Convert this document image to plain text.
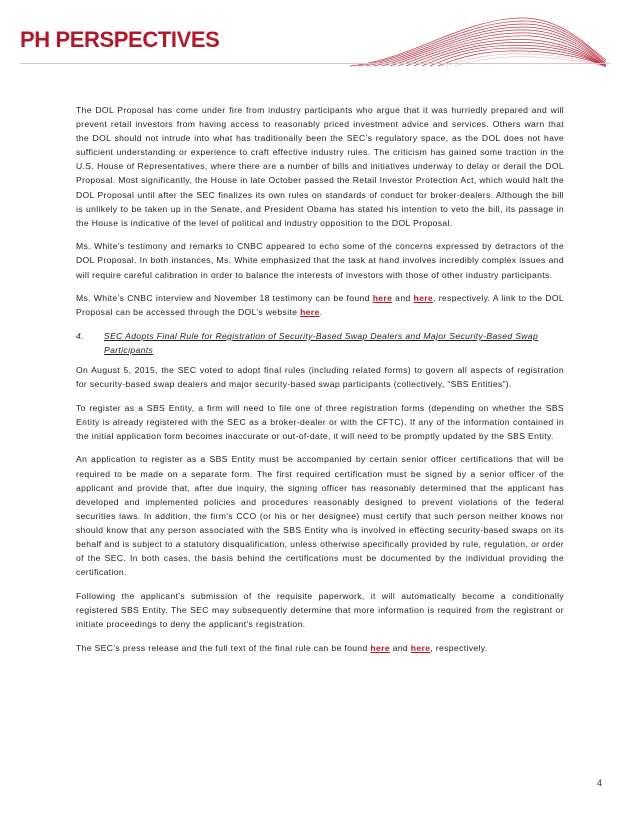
PH PERSPECTIVES

The DOL Proposal has come under fire from industry participants who argue that it was hurriedly prepared and will prevent retail investors from having access to reasonably priced investment advice and services. Others warn that the DOL should not intrude into what has traditionally been the SEC’s regulatory space, as the DOL does not have sufficient understanding or experience to craft effective industry rules. The criticism has gained some traction in the U.S. House of Representatives, where there are a number of bills and initiatives underway to delay or derail the DOL Proposal. Most significantly, the House in late October passed the Retail Investor Protection Act, which would halt the DOL Proposal until after the SEC finalizes its own rules on standards of conduct for broker-dealers. Although the bill is unlikely to be taken up in the Senate, and President Obama has stated his intention to veto the bill, its passage in the House is indicative of the level of political and industry opposition to the DOL Proposal.

Ms. White’s testimony and remarks to CNBC appeared to echo some of the concerns expressed by detractors of the DOL Proposal. In both instances, Ms. White emphasized that the task at hand involves incredibly complex issues and will require careful calibration in order to balance the interests of investors with those of other industry participants.

Ms. White’s CNBC interview and November 18 testimony can be found here and here, respectively. A link to the DOL Proposal can be accessed through the DOL’s website here.

4.	SEC Adopts Final Rule for Registration of Security-Based Swap Dealers and Major Security-Based Swap Participants

On August 5, 2015, the SEC voted to adopt final rules (including related forms) to govern all aspects of registration for security-based swap dealers and major security-based swap participants (collectively, “SBS Entities”).

To register as a SBS Entity, a firm will need to file one of three registration forms (depending on whether the SBS Entity is already registered with the SEC as a broker-dealer or with the CFTC). If any of the information contained in the initial application form becomes inaccurate or out-of-date, it will need to be promptly updated by the SBS Entity.

An application to register as a SBS Entity must be accompanied by certain senior officer certifications that will be required to be made on a separate form. The first required certification must be signed by a senior officer of the applicant and provide that, after due inquiry, the signing officer has reasonably determined that the applicant has developed and implemented policies and procedures reasonably designed to prevent violations of the federal securities laws. In addition, the firm’s CCO (or his or her designee) must certify that such person neither knows nor should know that any person associated with the SBS Entity who is involved in effecting security-based swaps on its behalf and is subject to a statutory disqualification, unless otherwise specifically provided by rule, regulation, or order of the SEC. In both cases, the basis behind the certifications must be documented by the individual providing the certification.

Following the applicant’s submission of the requisite paperwork, it will automatically become a conditionally registered SBS Entity. The SEC may subsequently determine that more information is required from the registrant or initiate proceedings to deny the applicant’s registration.

The SEC’s press release and the full text of the final rule can be found here and here, respectively.

4
